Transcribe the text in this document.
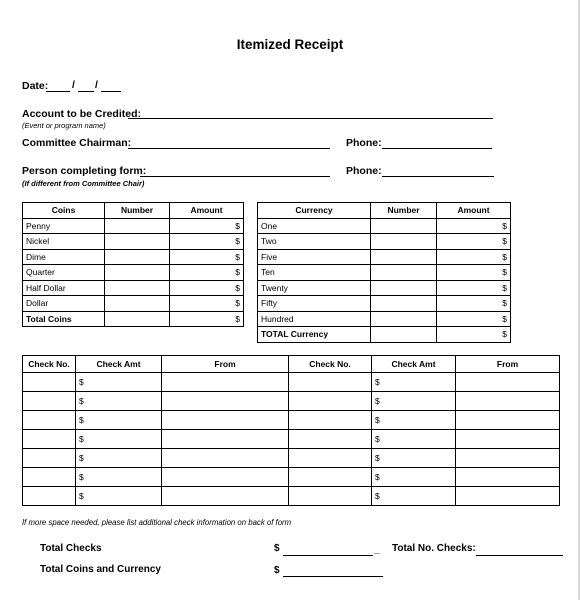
Itemized Receipt
Date: / /
Account to be Credited:
(Event or program name)
Committee Chairman:	Phone:
Person completing form:
(If different from Committee Chair)
Phone:
Coins	Number	Amount
Penny		$
Nickel		$
Dime		$
Quarter		$
Half Dollar		$
Dollar		$
Total Coins		$
Currency	Number	Amount
One		$
Two		$
Five		$
Ten		$
Twenty		$
Fifty		$
Hundred		$
TOTAL Currency		$
Check No.	Check Amt	From	Check No.	Check Amt	From
	$			$	
	$			$	
	$			$	
	$			$	
	$			$	
	$			$	
	$			$	
If more space needed, please list additional check information on back of form
Total Checks	$	_ Total No. Checks:
Total Coins and Currency	$
